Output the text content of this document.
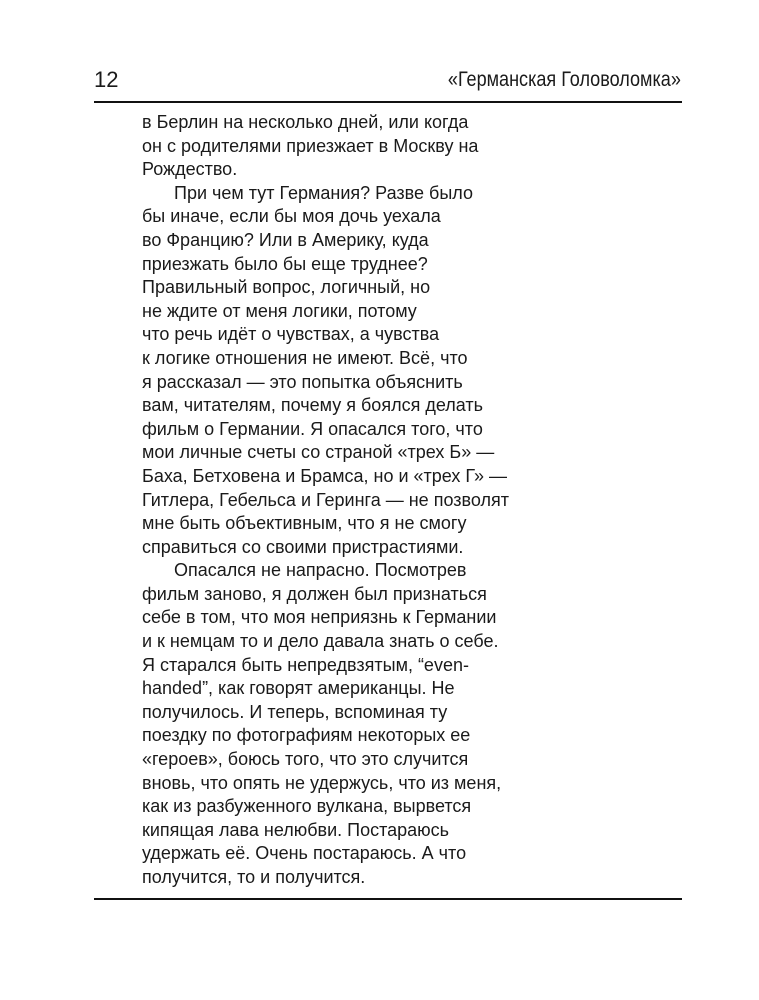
12	«Германская Головоломка»
в Берлин на несколько дней, или когда
он с родителями приезжает в Москву на
Рождество.
При чем тут Германия? Разве было
бы иначе, если бы моя дочь уехала
во Францию? Или в Америку, куда
приезжать было бы еще труднее?
Правильный вопрос, логичный, но
не ждите от меня логики, потому
что речь идёт о чувствах, а чувства
к логике отношения не имеют. Всё, что
я рассказал — это попытка объяснить
вам, читателям, почему я боялся делать
фильм о Германии. Я опасался того, что
мои личные счеты со страной «трех Б» —
Баха, Бетховена и Брамса, но и «трех Г» —
Гитлера, Гебельса и Геринга — не позволят
мне быть объективным, что я не смогу
справиться со своими пристрастиями.
Опасался не напрасно. Посмотрев
фильм заново, я должен был признаться
себе в том, что моя неприязнь к Германии
и к немцам то и дело давала знать о себе.
Я старался быть непредвзятым, “even-
handed”, как говорят американцы. Не
получилось. И теперь, вспоминая ту
поездку по фотографиям некоторых ее
«героев», боюсь того, что это случится
вновь, что опять не удержусь, что из меня,
как из разбуженного вулкана, вырвется
кипящая лава нелюбви. Постараюсь
удержать её. Очень постараюсь. А что
получится, то и получится.
